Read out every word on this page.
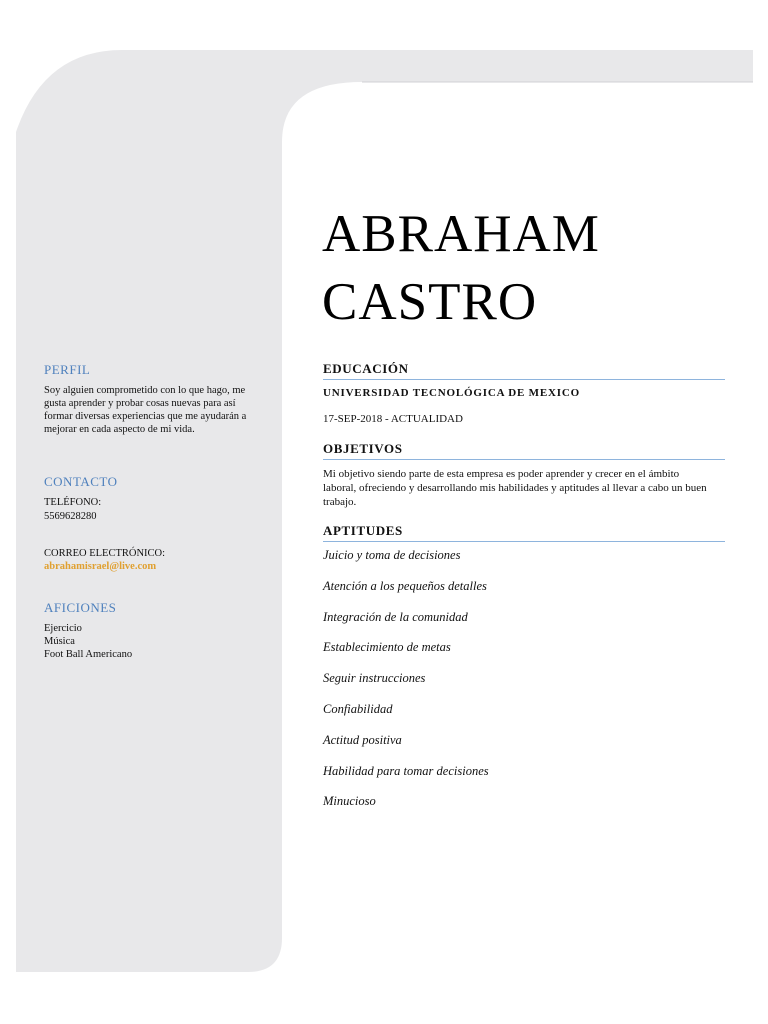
PERFIL

Soy alguien comprometido con lo que hago, me gusta aprender y probar cosas nuevas para así formar diversas experiencias que me ayudarán a mejorar en cada aspecto de mi vida.

CONTACTO

TELÉFONO:

5569628280

CORREO ELECTRÓNICO:

abrahamisrael@live.com

AFICIONES

Ejercicio

Música

Foot Ball Americano

ABRAHAM
CASTRO
EDUCACIÓN

UNIVERSIDAD TECNOLÓGICA DE MEXICO

17-SEP-2018 - ACTUALIDAD

OBJETIVOS

Mi objetivo siendo parte de esta empresa es poder aprender y crecer en el ámbito laboral, ofreciendo y desarrollando mis habilidades y aptitudes al llevar a cabo un buen trabajo.

APTITUDES

Juicio y toma de decisiones

Atención a los pequeños detalles

Integración de la comunidad

Establecimiento de metas

Seguir instrucciones

Confiabilidad

Actitud positiva

Habilidad para tomar decisiones

Minucioso
